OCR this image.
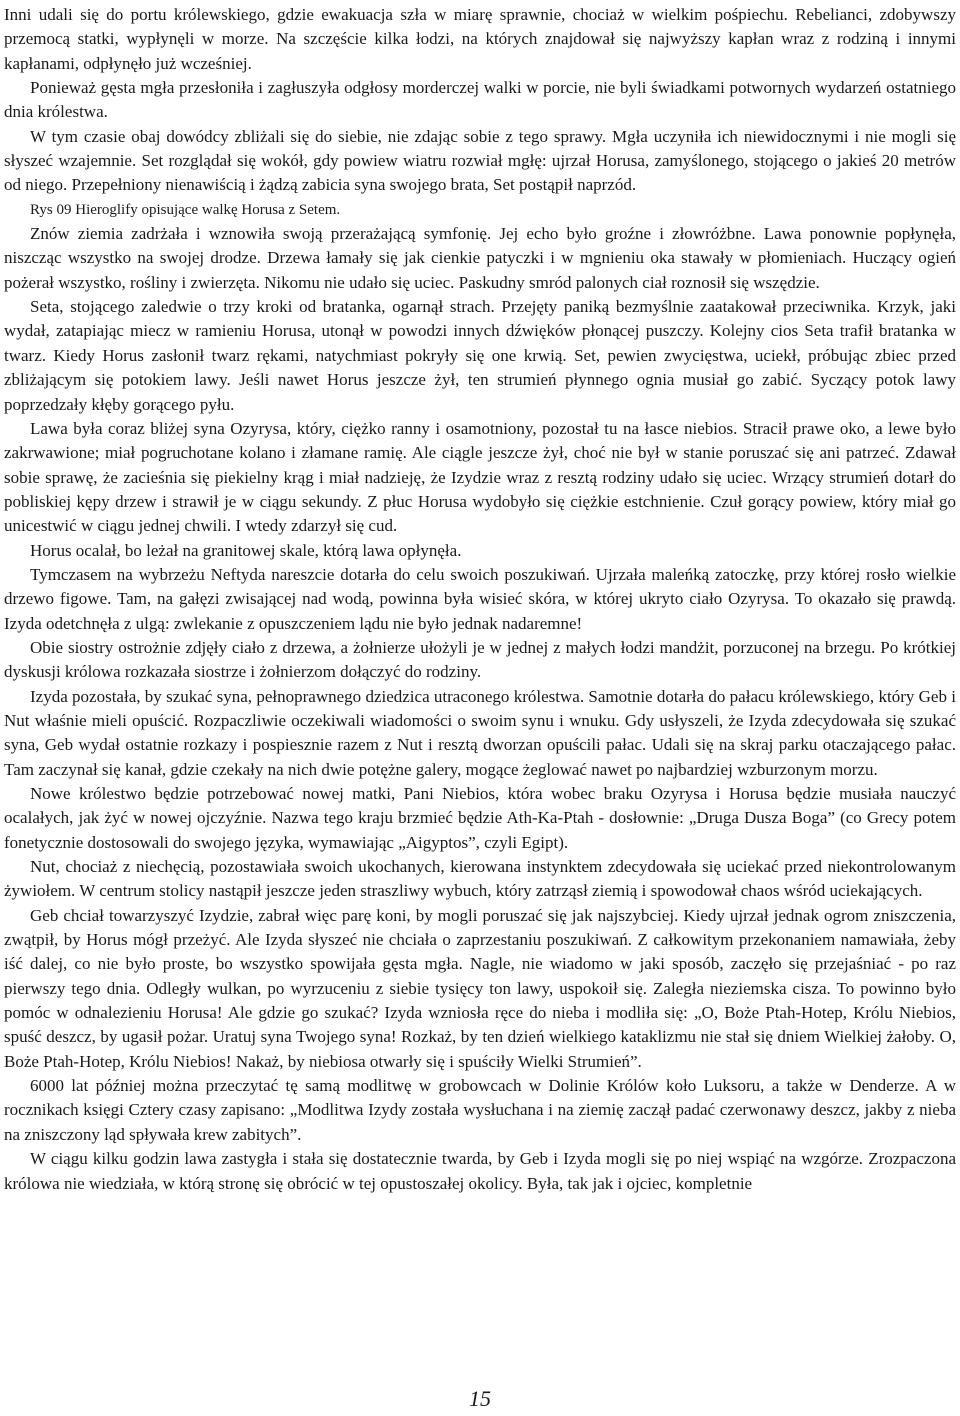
Inni udali się do portu królewskiego, gdzie ewakuacja szła w miarę sprawnie, chociaż w wielkim pośpiechu. Rebelianci, zdobywszy przemocą statki, wypłynęli w morze. Na szczęście kilka łodzi, na których znajdował się najwyższy kapłan wraz z rodziną i innymi kapłanami, odpłynęło już wcześniej.

Ponieważ gęsta mgła przesłoniła i zagłuszyła odgłosy morderczej walki w porcie, nie byli świadkami potwornych wydarzeń ostatniego dnia królestwa.

W tym czasie obaj dowódcy zbliżali się do siebie, nie zdając sobie z tego sprawy. Mgła uczyniła ich niewidocznymi i nie mogli się słyszeć wzajemnie. Set rozglądał się wokół, gdy powiew wiatru rozwiał mgłę: ujrzał Horusa, zamyślonego, stojącego o jakieś 20 metrów od niego. Przepełniony nienawiścią i żądzą zabicia syna swojego brata, Set postąpił naprzód.

Rys 09 Hieroglify opisujące walkę Horusa z Setem.

Znów ziemia zadrżała i wznowiła swoją przerażającą symfonię. Jej echo było groźne i złowróżbne. Lawa ponownie popłynęła, niszcząc wszystko na swojej drodze. Drzewa łamały się jak cienkie patyczki i w mgnieniu oka stawały w płomieniach. Huczący ogień pożerał wszystko, rośliny i zwierzęta. Nikomu nie udało się uciec. Paskudny smród palonych ciał roznosił się wszędzie.

Seta, stojącego zaledwie o trzy kroki od bratanka, ogarnął strach. Przejęty paniką bezmyślnie zaatakował przeciwnika. Krzyk, jaki wydał, zatapiając miecz w ramieniu Horusa, utonął w powodzi innych dźwięków płonącej puszczy. Kolejny cios Seta trafił bratanka w twarz. Kiedy Horus zasłonił twarz rękami, natychmiast pokryły się one krwią. Set, pewien zwycięstwa, uciekł, próbując zbiec przed zbliżającym się potokiem lawy. Jeśli nawet Horus jeszcze żył, ten strumień płynnego ognia musiał go zabić. Syczący potok lawy poprzedzały kłęby gorącego pyłu.

Lawa była coraz bliżej syna Ozyrysa, który, ciężko ranny i osamotniony, pozostał tu na łasce niebios. Stracił prawe oko, a lewe było zakrwawione; miał pogruchotane kolano i złamane ramię. Ale ciągle jeszcze żył, choć nie był w stanie poruszać się ani patrzeć. Zdawał sobie sprawę, że zacieśnia się piekielny krąg i miał nadzieję, że Izydzie wraz z resztą rodziny udało się uciec. Wrzący strumień dotarł do pobliskiej kępy drzew i strawił je w ciągu sekundy. Z płuc Horusa wydobyło się ciężkie estchnienie. Czuł gorący powiew, który miał go unicestwić w ciągu jednej chwili. I wtedy zdarzył się cud.

Horus ocalał, bo leżał na granitowej skale, którą lawa opłynęła.

Tymczasem na wybrzeżu Neftyda nareszcie dotarła do celu swoich poszukiwań. Ujrzała maleńką zatoczkę, przy której rosło wielkie drzewo figowe. Tam, na gałęzi zwisającej nad wodą, powinna była wisieć skóra, w której ukryto ciało Ozyrysa. To okazało się prawdą. Izyda odetchnęła z ulgą: zwlekanie z opuszczeniem lądu nie było jednak nadaremne!

Obie siostry ostrożnie zdjęły ciało z drzewa, a żołnierze ułożyli je w jednej z małych łodzi mandżit, porzuconej na brzegu. Po krótkiej dyskusji królowa rozkazała siostrze i żołnierzom dołączyć do rodziny.

Izyda pozostała, by szukać syna, pełnoprawnego dziedzica utraconego królestwa. Samotnie dotarła do pałacu królewskiego, który Geb i Nut właśnie mieli opuścić. Rozpaczliwie oczekiwali wiadomości o swoim synu i wnuku. Gdy usłyszeli, że Izyda zdecydowała się szukać syna, Geb wydał ostatnie rozkazy i pospiesznie razem z Nut i resztą dworzan opuścili pałac. Udali się na skraj parku otaczającego pałac. Tam zaczynał się kanał, gdzie czekały na nich dwie potężne galery, mogące żeglować nawet po najbardziej wzburzonym morzu.

Nowe królestwo będzie potrzebować nowej matki, Pani Niebios, która wobec braku Ozyrysa i Horusa będzie musiała nauczyć ocalałych, jak żyć w nowej ojczyźnie. Nazwa tego kraju brzmieć będzie Ath-Ka-Ptah - dosłownie: „Druga Dusza Boga” (co Grecy potem fonetycznie dostosowali do swojego języka, wymawiając „Aigyptos”, czyli Egipt).

Nut, chociaż z niechęcią, pozostawiała swoich ukochanych, kierowana instynktem zdecydowała się uciekać przed niekontrolowanym żywiołem. W centrum stolicy nastąpił jeszcze jeden straszliwy wybuch, który zatrząsł ziemią i spowodował chaos wśród uciekających.

Geb chciał towarzyszyć Izydzie, zabrał więc parę koni, by mogli poruszać się jak najszybciej. Kiedy ujrzał jednak ogrom zniszczenia, zwątpił, by Horus mógł przeżyć. Ale Izyda słyszeć nie chciała o zaprzestaniu poszukiwań. Z całkowitym przekonaniem namawiała, żeby iść dalej, co nie było proste, bo wszystko spowijała gęsta mgła. Nagle, nie wiadomo w jaki sposób, zaczęło się przejaśniać - po raz pierwszy tego dnia. Odległy wulkan, po wyrzuceniu z siebie tysięcy ton lawy, uspokoił się. Zaległa nieziemska cisza. To powinno było pomóc w odnalezieniu Horusa! Ale gdzie go szukać? Izyda wzniosła ręce do nieba i modliła się: „O, Boże Ptah-Hotep, Królu Niebios, spuść deszcz, by ugasił pożar. Uratuj syna Twojego syna! Rozkaż, by ten dzień wielkiego kataklizmu nie stał się dniem Wielkiej żałoby. O, Boże Ptah-Hotep, Królu Niebios! Nakaż, by niebiosa otwarły się i spuściły Wielki Strumień”.

6000 lat później można przeczytać tę samą modlitwę w grobowcach w Dolinie Królów koło Luksoru, a także w Denderze. A w rocznikach księgi Cztery czasy zapisano: „Modlitwa Izydy została wysłuchana i na ziemię zaczął padać czerwonawy deszcz, jakby z nieba na zniszczony ląd spływała krew zabitych”.

W ciągu kilku godzin lawa zastygła i stała się dostatecznie twarda, by Geb i Izyda mogli się po niej wspiąć na wzgórze. Zrozpaczona królowa nie wiedziała, w którą stronę się obrócić w tej opustoszałej okolicy. Była, tak jak i ojciec, kompletnie

15
